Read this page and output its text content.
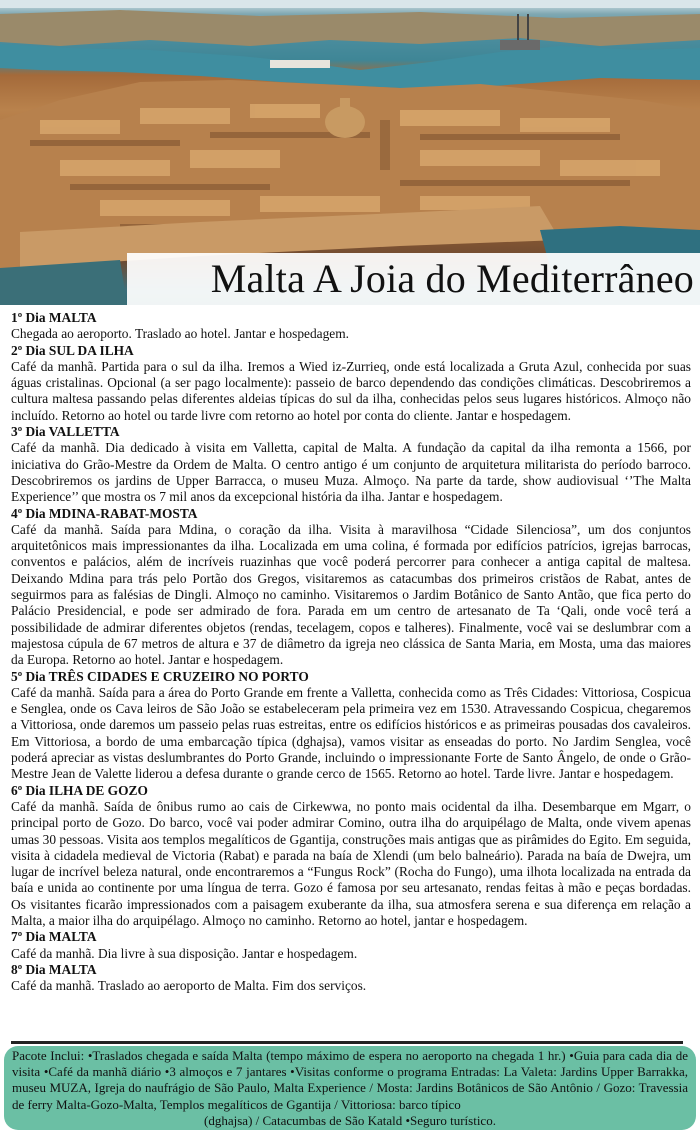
Malta A Joia do Mediterrâneo
1º Dia MALTA
Chegada ao aeroporto. Traslado ao hotel. Jantar e hospedagem.
2º Dia SUL DA ILHA
Café da manhã. Partida para o sul da ilha. Iremos a Wied iz-Zurrieq, onde está localizada a Gruta Azul, conhecida por suas águas cristalinas. Opcional (a ser pago localmente): passeio de barco dependendo das condições climáticas. Descobriremos a cultura maltesa passando pelas diferentes aldeias típicas do sul da ilha, conhecidas pelos seus lugares históricos. Almoço não incluído. Retorno ao hotel ou tarde livre com retorno ao hotel por conta do cliente. Jantar e hospedagem.
3º Dia VALLETTA
Café da manhã. Dia dedicado à visita em Valletta, capital de Malta. A fundação da capital da ilha remonta a 1566, por iniciativa do Grão-Mestre da Ordem de Malta. O centro antigo é um conjunto de arquitetura militarista do período barroco. Descobriremos os jardins de Upper Barracca, o museu Muza. Almoço. Na parte da tarde, show audiovisual ‘’The Malta Experience’’ que mostra os 7 mil anos da excepcional história da ilha. Jantar e hospedagem.
4º Dia MDINA-RABAT-MOSTA
Café da manhã. Saída para Mdina, o coração da ilha. Visita à maravilhosa “Cidade Silenciosa”, um dos conjuntos arquitetônicos mais impressionantes da ilha. Localizada em uma colina, é formada por edifícios patrícios, igrejas barrocas, conventos e palácios, além de incríveis ruazinhas que você poderá percorrer para conhecer a antiga capital de maltesa. Deixando Mdina para trás pelo Portão dos Gregos, visitaremos as catacumbas dos primeiros cristãos de Rabat, antes de seguirmos para as falésias de Dingli. Almoço no caminho. Visitaremos o Jardim Botânico de Santo Antão, que fica perto do Palácio Presidencial, e pode ser admirado de fora. Parada em um centro de artesanato de Ta ‘Qali, onde você terá a possibilidade de admirar diferentes objetos (rendas, tecelagem, copos e talheres). Finalmente, você vai se deslumbrar com a majestosa cúpula de 67 metros de altura e 37 de diâmetro da igreja neo clássica de Santa Maria, em Mosta, uma das maiores da Europa. Retorno ao hotel. Jantar e hospedagem.
5º Dia TRÊS CIDADES E CRUZEIRO NO PORTO
Café da manhã. Saída para a área do Porto Grande em frente a Valletta, conhecida como as Três Cidades: Vittoriosa, Cospicua e Senglea, onde os Cava leiros de São João se estabeleceram pela primeira vez em 1530. Atravessando Cospicua, chegaremos a Vittoriosa, onde daremos um passeio pelas ruas estreitas, entre os edifícios históricos e as primeiras pousadas dos cavaleiros. Em Vittoriosa, a bordo de uma embarcação típica (dghajsa), vamos visitar as enseadas do porto. No Jardim Senglea, você poderá apreciar as vistas deslumbrantes do Porto Grande, incluindo o impressionante Forte de Santo Ângelo, de onde o Grão-Mestre Jean de Valette liderou a defesa durante o grande cerco de 1565. Retorno ao hotel. Tarde livre. Jantar e hospedagem.
6º Dia ILHA DE GOZO
Café da manhã. Saída de ônibus rumo ao cais de Cirkewwa, no ponto mais ocidental da ilha. Desembarque em Mgarr, o principal porto de Gozo. Do barco, você vai poder admirar Comino, outra ilha do arquipélago de Malta, onde vivem apenas umas 30 pessoas. Visita aos templos megalíticos de Ggantija, construções mais antigas que as pirâmides do Egito. Em seguida, visita à cidadela medieval de Victoria (Rabat) e parada na baía de Xlendi (um belo balneário). Parada na baía de Dwejra, um lugar de incrível beleza natural, onde encontraremos a “Fungus Rock” (Rocha do Fungo), uma ilhota localizada na entrada da baía e unida ao continente por uma língua de terra. Gozo é famosa por seu artesanato, rendas feitas à mão e peças bordadas. Os visitantes ficarão impressionados com a paisagem exuberante da ilha, sua atmosfera serena e sua diferença em relação a Malta, a maior ilha do arquipélago. Almoço no caminho. Retorno ao hotel, jantar e hospedagem.
7º Dia MALTA
Café da manhã. Dia livre à sua disposição. Jantar e hospedagem.
8º Dia MALTA
Café da manhã. Traslado ao aeroporto de Malta. Fim dos serviços.
Pacote Inclui: •Traslados chegada e saída Malta (tempo máximo de espera no aeroporto na chegada 1 hr.) •Guia para cada dia de visita •Café da manhã diário •3 almoços e 7 jantares •Visitas conforme o programa Entradas: La Valeta: Jardins Upper Barrakka, museu MUZA, Igreja do naufrágio de São Paulo, Malta Experience / Mosta: Jardins Botânicos de São Antônio / Gozo: Travessia de ferry Malta-Gozo-Malta, Templos megalíticos de Ggantija / Vittoriosa: barco típico
(dghajsa) / Catacumbas de São Katald •Seguro turístico.
